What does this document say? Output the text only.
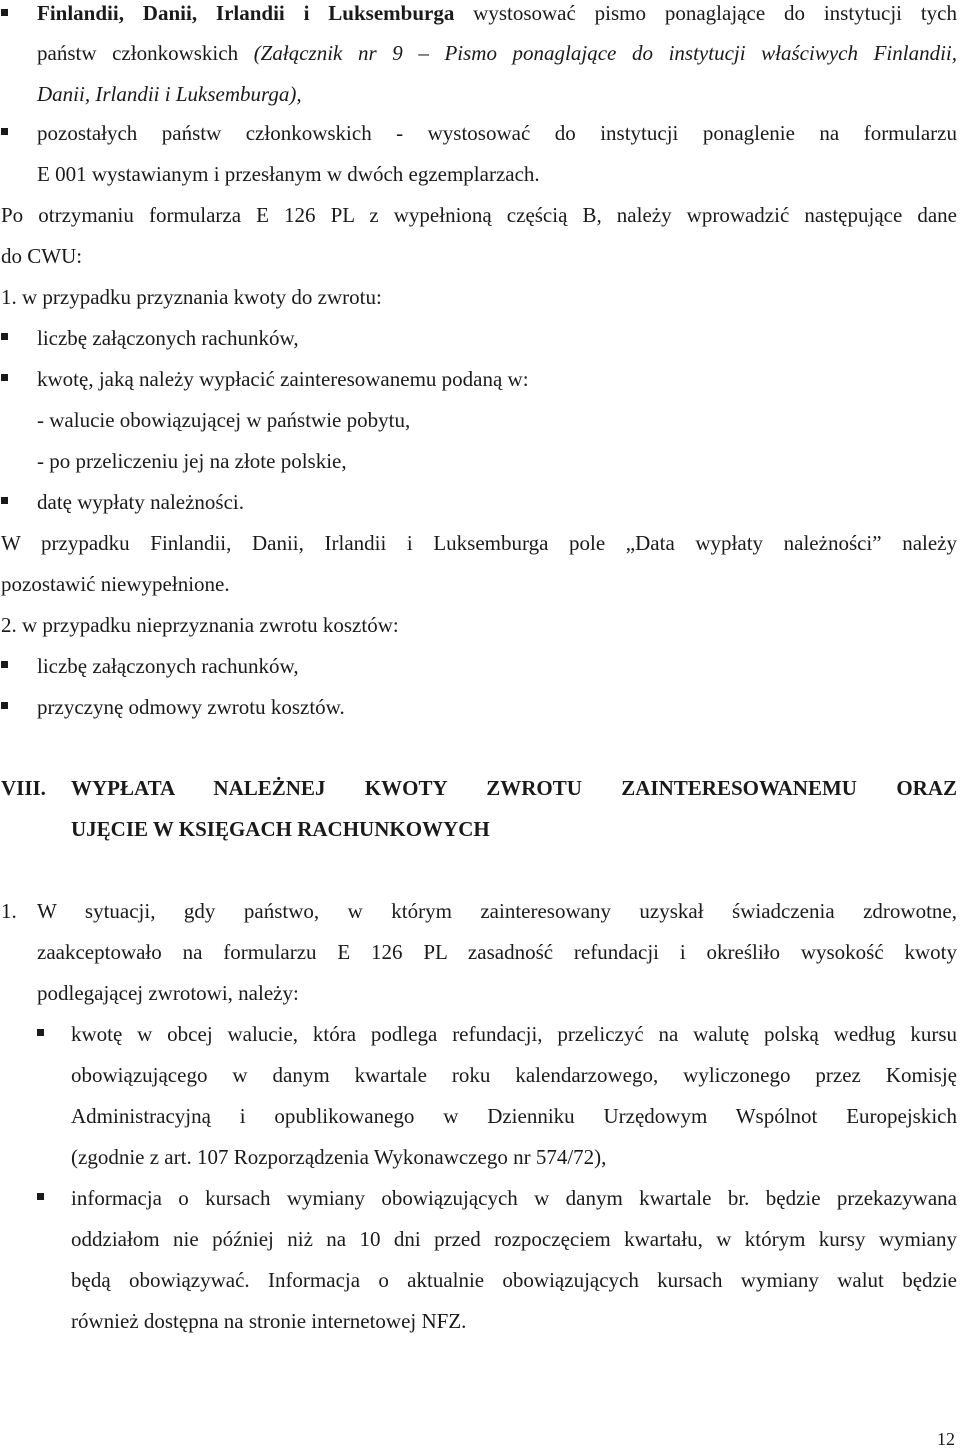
Finlandii, Danii, Irlandii i Luksemburga wystosować pismo ponaglające do instytucji tych
państw członkowskich (Załącznik nr 9 – Pismo ponaglające do instytucji właściwych Finlandii,
Danii, Irlandii i Luksemburga),
pozostałych państw członkowskich - wystosować do instytucji ponaglenie na formularzu
E 001 wystawianym i przesłanym w dwóch egzemplarzach.
Po otrzymaniu formularza E 126 PL z wypełnioną częścią B, należy wprowadzić następujące dane
do CWU:
1. w przypadku przyznania kwoty do zwrotu:
liczbę załączonych rachunków,
kwotę, jaką należy wypłacić zainteresowanemu podaną w:
- walucie obowiązującej w państwie pobytu,
- po przeliczeniu jej na złote polskie,
datę wypłaty należności.
W przypadku Finlandii, Danii, Irlandii i Luksemburga pole „Data wypłaty należności” należy
pozostawić niewypełnione.
2. w przypadku nieprzyznania zwrotu kosztów:
liczbę załączonych rachunków,
przyczynę odmowy zwrotu kosztów.
VIII. WYPŁATA NALEŻNEJ KWOTY ZWROTU ZAINTERESOWANEMU ORAZ
UJĘCIE W KSIĘGACH RACHUNKOWYCH
1. W sytuacji, gdy państwo, w którym zainteresowany uzyskał świadczenia zdrowotne,
zaakceptowało na formularzu E 126 PL zasadność refundacji i określiło wysokość kwoty
podlegającej zwrotowi, należy:
kwotę w obcej walucie, która podlega refundacji, przeliczyć na walutę polską według kursu
obowiązującego w danym kwartale roku kalendarzowego, wyliczonego przez Komisję
Administracyjną i opublikowanego w Dzienniku Urzędowym Wspólnot Europejskich
(zgodnie z art. 107 Rozporządzenia Wykonawczego nr 574/72),
informacja o kursach wymiany obowiązujących w danym kwartale br. będzie przekazywana
oddziałom nie później niż na 10 dni przed rozpoczęciem kwartału, w którym kursy wymiany
będą obowiązywać. Informacja o aktualnie obowiązujących kursach wymiany walut będzie
również dostępna na stronie internetowej NFZ.
12
